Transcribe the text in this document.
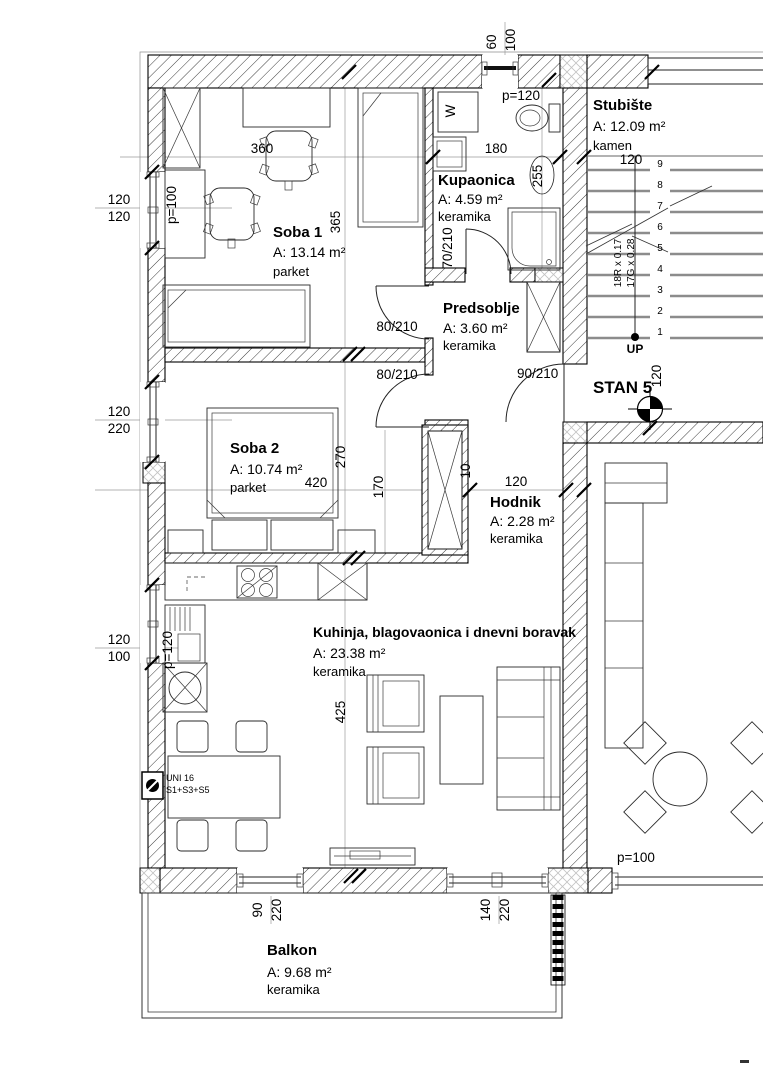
Soba 1
A: 13.14 m²
parket
Soba 2
A: 10.74 m²
parket
Kupaonica
A: 4.59 m²
keramika
Predsoblje
A: 3.60 m²
keramika
Hodnik
A: 2.28 m²
keramika
Kuhinja, blagovaonica i dnevni boravak
A: 23.38 m²
keramika
Balkon
A: 9.68 m²
keramika
Stubište
A: 12.09 m²
kamen
120
STAN 5
120
UP
18R x 0.17 17G x 0.28
1
2
3
4
5
6
7
8
9
80/210
80/210
70/210
90/210
360
365
420
270
170
425
180
255
120
10
120
120
120
220
120
100
60 100
p=120
p=100
p=120
p=100
90 220	140 220
W
UNI 16
S1+S3+S5
